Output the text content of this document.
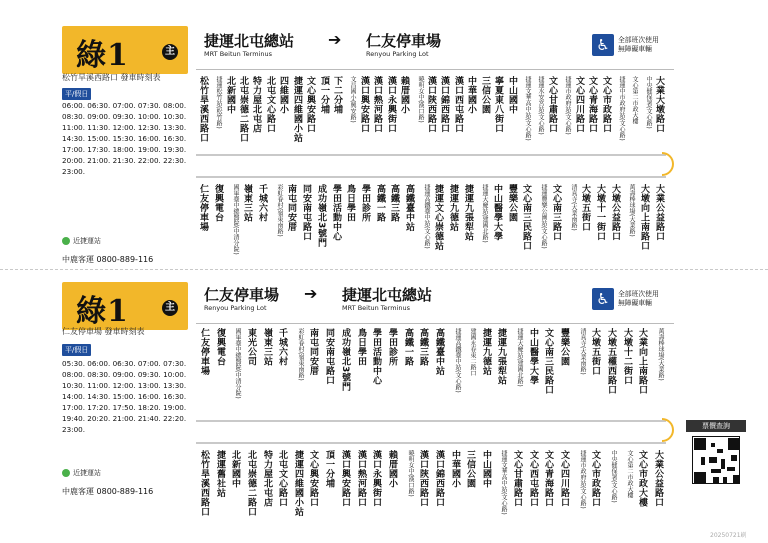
綠1	主
松竹旱溪西路口 發車時刻表
平/假日
06:00. 06:30. 07:00. 07:30. 08:00.
08:30. 09:00. 09:30. 10:00. 10:30.
11:00. 11:30. 12:00. 12:30. 13:30.
14:30. 15:00. 15:30. 16:00. 16:30.
17:00. 17:30. 18:00. 19:00. 19:30.
20:00. 21:00. 21:30. 22:00. 22:30.
23:00.
近捷運站
中鹿客運 0800-889-116
捷運北屯總站
MRT Beitun Terminus
➔ 仁友停車場
Renyou Parking Lot	♿	全部班次使用
無障礙車輛
松竹旱溪西路口	捷運松竹站(松竹路) 北新國中 北屯崇德二路口 特力屋北屯店 北屯文心路口 四維國小 捷運四維國小站 文心興安路口 頂一分埔 下二分埔	文昌國小(興安路) 漢口興安路口 漢口熱河路口 漢口永興街口 賴厝國小	曉明女中(漢口路) 漢口陝西路口 漢口錦西路口 漢口西屯路口 中華國小 三信公園 寧夏東八街口 中山國中	捷運文華高中站(文心路)	捷運水安宮站(文心路) 文心甘肅路口	捷運市政府站(文心路) 文心四川路口 文心青海路口 文心市政路口	捷運中市政府站(文心路)	文心第二市政大樓	中央健保署(文心路) 大業大墩路口
仁友停車場 復興電台	國軍臺中總醫院(中清分院) 嶺東三站 千城六村	彩虹眷村(嶺東南路) 南屯同安厝 同安南屯路口 成功嶺北3號門 學田活動中心 鳥日學田 學田診所 高鐵一路 高鐵三路 高鐵臺中站	捷運高鐵臺中站(文心路) 捷運文心崇德站 捷運九德站 捷運九張犁站	捷運大慶站(建國北路) 中山醫學大學 豐樂公園 文心南三民路口	捷運豐樂公園站(文心路) 文心南三路口	清真寺(大業南路) 大墩五街口 大墩十一街口 大墩公益路口	萬壽棒球場(大業路) 大墩向上南路口 大業公益路口
綠1	主
仁友停車場 發車時刻表
平/假日
05:30. 06:00. 06:30. 07:00. 07:30.
08:00. 08:30. 09:00. 09:30. 10:00.
10:30. 11:00. 12:00. 13:00. 13:30.
14:00. 14:30. 15:00. 16:00. 16:30.
17:00. 17:20. 17:50. 18:20. 19:00.
19:40. 20:20. 21:00. 21:40. 22:20.
23:00.
近捷運站
中鹿客運 0800-889-116
仁友停車場
Renyou Parking Lot
➔ 捷運北屯總站
MRT Beitun Terminus	♿	全部班次使用
無障礙車輛
仁友停車場 復興電台	國軍臺中總醫院(中清分院) 東光公司 嶺東三站 千城六村	彩虹眷村(嶺東南路) 南屯同安厝 同安南屯路口 成功嶺北3號門 鳥日學田 學田活動中心 學田診所 高鐵一路 高鐵三路 高鐵臺中站	捷運高鐵臺中站(文心路)	建國永春東二路口 捷運九德站 捷運九張犁站	捷運大慶站(建國北路) 中山醫學大學 文心南三民路口 豐樂公園	清真寺(大業南路) 大墩五街口 大墩五權西路口 大墩十二街口 大業向上南路口	萬壽棒球場(大業路)
松竹旱溪西路口 捷運舊社站 北新國中 北屯崇德二路口 特力屋北屯店 北屯文心路口 捷運四維國小站 文心興安路口 頂一分埔 漢口興安路口 漢口熱河路口 漢口永興街口 賴厝國小	曉明女中(漢口路) 漢口陝西路口 漢口錦西路口 中華國小 三信公園 中山國中	捷運文華高中站(文心路) 文心甘肅路口 文心西屯路口 文心青海路口 文心四川路口	捷運市政府站(文心路) 文心市政路口	中央健保署(文心路)	文心第二市政大樓 文心市政大樓 大業公益路口
票價查詢
20250721刷
